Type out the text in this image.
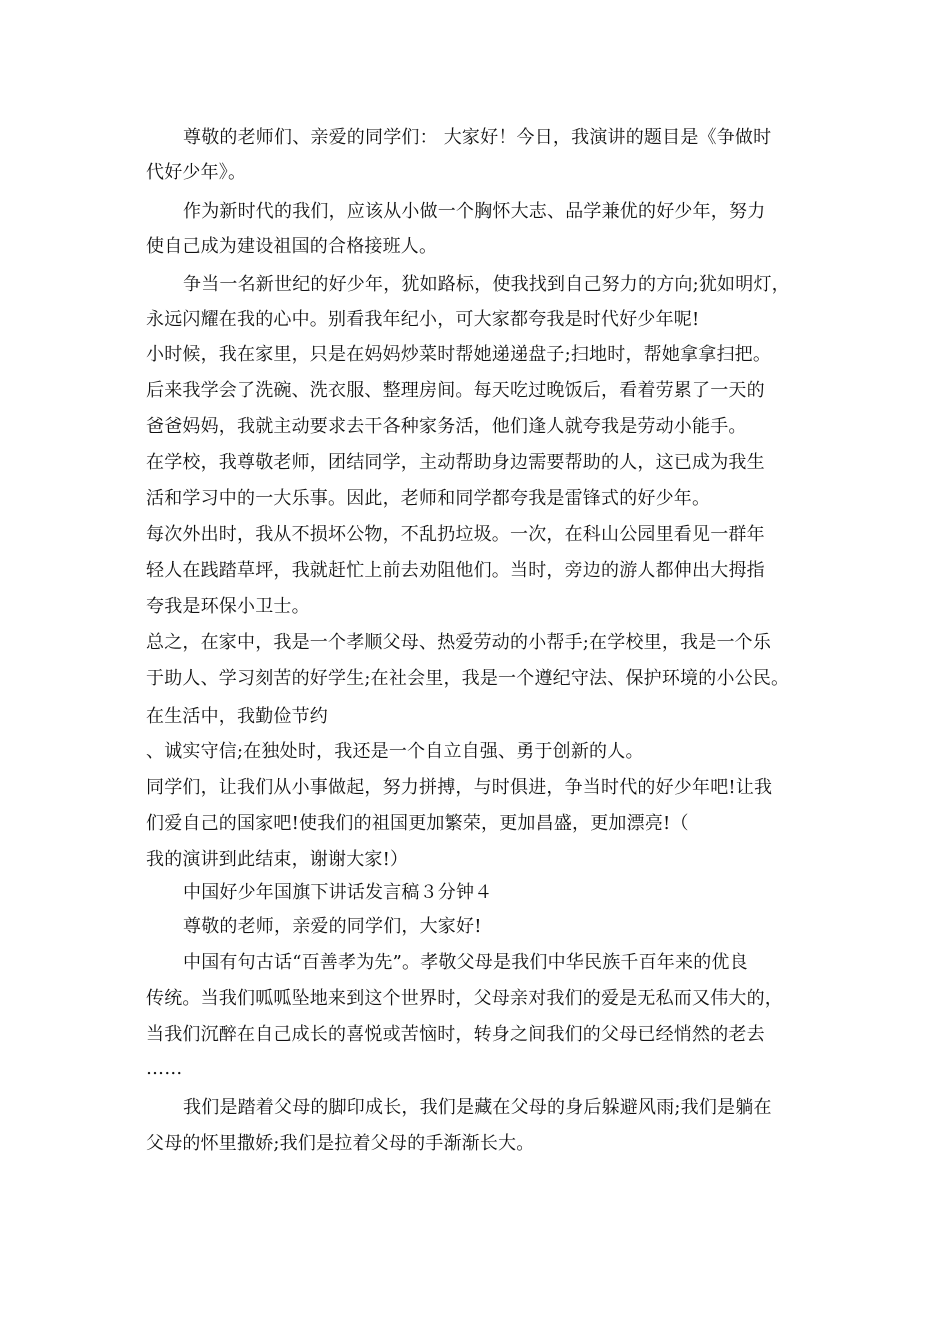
尊敬的老师们、亲爱的同学们： 大家好！今日，我演讲的题目是《争做时
代好少年》。
作为新时代的我们，应该从小做一个胸怀大志、品学兼优的好少年，努力
使自己成为建设祖国的合格接班人。
争当一名新世纪的好少年，犹如路标，使我找到自己努力的方向;犹如明灯，
永远闪耀在我的心中。别看我年纪小，可大家都夸我是时代好少年呢!
小时候，我在家里，只是在妈妈炒菜时帮她递递盘子;扫地时，帮她拿拿扫把。
后来我学会了洗碗、洗衣服、整理房间。每天吃过晚饭后，看着劳累了一天的
爸爸妈妈，我就主动要求去干各种家务活，他们逢人就夸我是劳动小能手。
在学校，我尊敬老师，团结同学，主动帮助身边需要帮助的人，这已成为我生
活和学习中的一大乐事。因此，老师和同学都夸我是雷锋式的好少年。
每次外出时，我从不损坏公物，不乱扔垃圾。一次，在科山公园里看见一群年
轻人在践踏草坪，我就赶忙上前去劝阻他们。当时，旁边的游人都伸出大拇指
夸我是环保小卫士。
总之，在家中，我是一个孝顺父母、热爱劳动的小帮手;在学校里，我是一个乐
于助人、学习刻苦的好学生;在社会里，我是一个遵纪守法、保护环境的小公民。
在生活中，我勤俭节约
、诚实守信;在独处时，我还是一个自立自强、勇于创新的人。
同学们，让我们从小事做起，努力拼搏，与时俱进，争当时代的好少年吧!让我
们爱自己的国家吧!使我们的祖国更加繁荣，更加昌盛，更加漂亮!（
我的演讲到此结束，谢谢大家!）
中国好少年国旗下讲话发言稿３分钟４
尊敬的老师，亲爱的同学们，大家好!
中国有句古话“百善孝为先”。孝敬父母是我们中华民族千百年来的优良
传统。当我们呱呱坠地来到这个世界时，父母亲对我们的爱是无私而又伟大的，
当我们沉醉在自己成长的喜悦或苦恼时，转身之间我们的父母已经悄然的老去
……
我们是踏着父母的脚印成长，我们是藏在父母的身后躲避风雨;我们是躺在
父母的怀里撒娇;我们是拉着父母的手渐渐长大。
